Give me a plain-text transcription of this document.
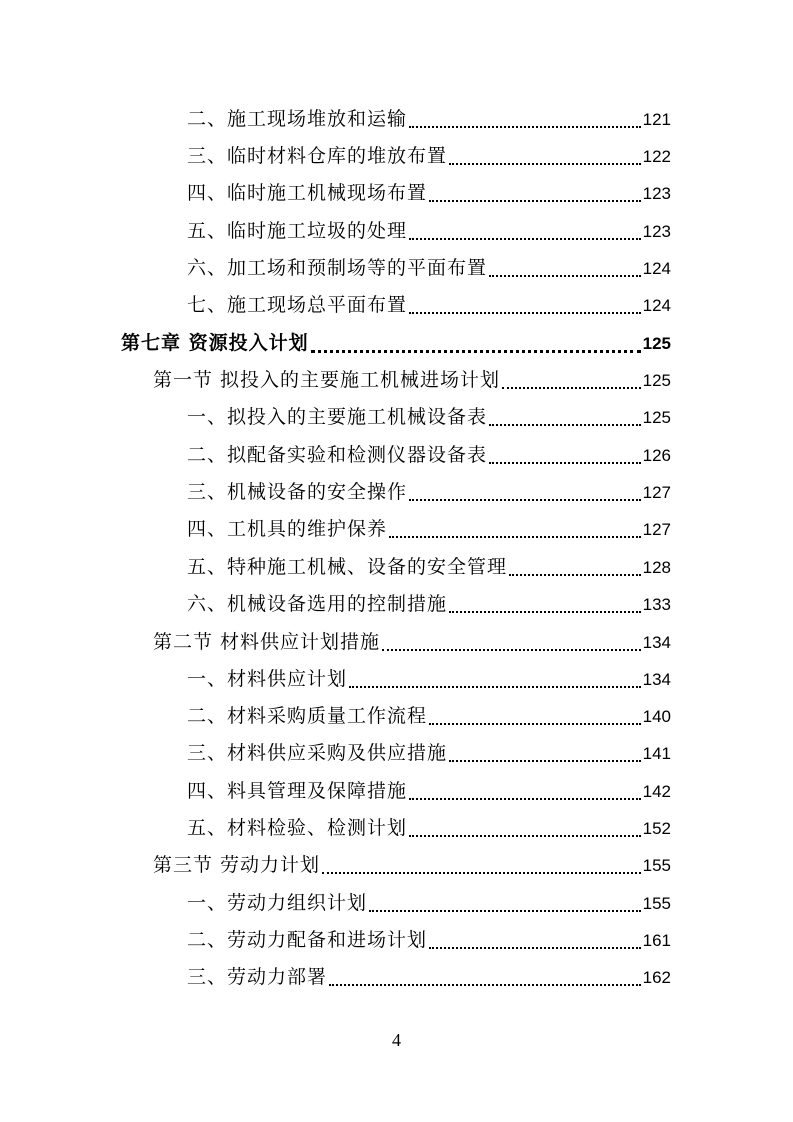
二、施工现场堆放和运输	121
三、临时材料仓库的堆放布置	122
四、临时施工机械现场布置	123
五、临时施工垃圾的处理	123
六、加工场和预制场等的平面布置	124
七、施工现场总平面布置	124
第七章 资源投入计划	125
第一节 拟投入的主要施工机械进场计划	125
一、拟投入的主要施工机械设备表	125
二、拟配备实验和检测仪器设备表	126
三、机械设备的安全操作	127
四、工机具的维护保养	127
五、特种施工机械、设备的安全管理	128
六、机械设备选用的控制措施	133
第二节 材料供应计划措施	134
一、材料供应计划	134
二、材料采购质量工作流程	140
三、材料供应采购及供应措施	141
四、料具管理及保障措施	142
五、材料检验、检测计划	152
第三节 劳动力计划	155
一、劳动力组织计划	155
二、劳动力配备和进场计划	161
三、劳动力部署	162
4
